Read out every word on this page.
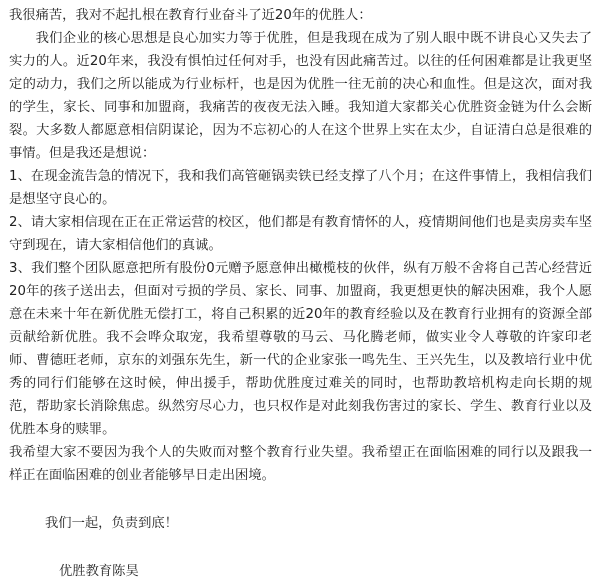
我很痛苦，我对不起扎根在教育行业奋斗了近20年的优胜人：

我们企业的核心思想是良心加实力等于优胜，但是我现在成为了别人眼中既不讲良心又失去了实力的人。近20年来，我没有惧怕过任何对手，也没有因此痛苦过。以往的任何困难都是让我更坚定的动力，我们之所以能成为行业标杆，也是因为优胜一往无前的决心和血性。但是这次，面对我的学生，家长、同事和加盟商，我痛苦的夜夜无法入睡。我知道大家都关心优胜资金链为什么会断裂。大多数人都愿意相信阴谋论，因为不忘初心的人在这个世界上实在太少，自证清白总是很难的事情。但是我还是想说：

1、在现金流告急的情况下，我和我们高管砸锅卖铁已经支撑了八个月；在这件事情上，我相信我们是想坚守良心的。

2、请大家相信现在正在正常运营的校区，他们都是有教育情怀的人，疫情期间他们也是卖房卖车坚守到现在，请大家相信他们的真诚。

3、我们整个团队愿意把所有股份0元赠予愿意伸出橄榄枝的伙伴，纵有万般不舍将自己苦心经营近20年的孩子送出去，但面对亏损的学员、家长、同事、加盟商，我更想更快的解决困难，我个人愿意在未来十年在新优胜无偿打工，将自己积累的近20年的教育经验以及在教育行业拥有的资源全部贡献给新优胜。我不会哗众取宠，我希望尊敬的马云、马化腾老师，做实业令人尊敬的许家印老师、曹德旺老师，京东的刘强东先生，新一代的企业家张一鸣先生、王兴先生，以及教培行业中优秀的同行们能够在这时候，伸出援手，帮助优胜度过难关的同时，也帮助教培机构走向长期的规范，帮助家长消除焦虑。纵然穷尽心力，也只权作是对此刻我伤害过的家长、学生、教育行业以及优胜本身的赎罪。

我希望大家不要因为我个人的失败而对整个教育行业失望。我希望正在面临困难的同行以及跟我一样正在面临困难的创业者能够早日走出困境。

我们一起，负责到底！

优胜教育陈昊
